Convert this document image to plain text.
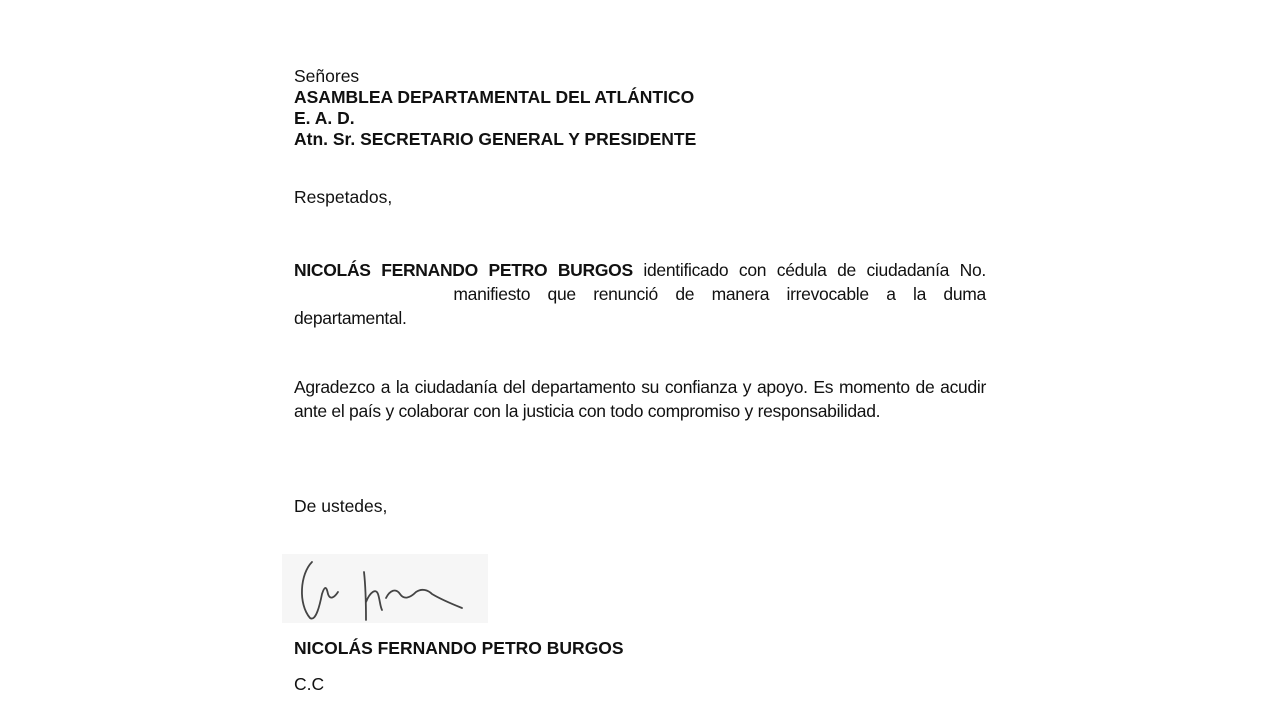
Señores
ASAMBLEA DEPARTAMENTAL DEL ATLÁNTICO
E. A. D.
Atn. Sr. SECRETARIO GENERAL Y PRESIDENTE
Respetados,
NICOLÁS FERNANDO PETRO BURGOS identificado con cédula de ciudadanía No. manifiesto que renunció de manera irrevocable a la duma departamental.
Agradezco a la ciudadanía del departamento su confianza y apoyo. Es momento de acudir ante el país y colaborar con la justicia con todo compromiso y responsabilidad.
De ustedes,
NICOLÁS FERNANDO PETRO BURGOS
C.C
